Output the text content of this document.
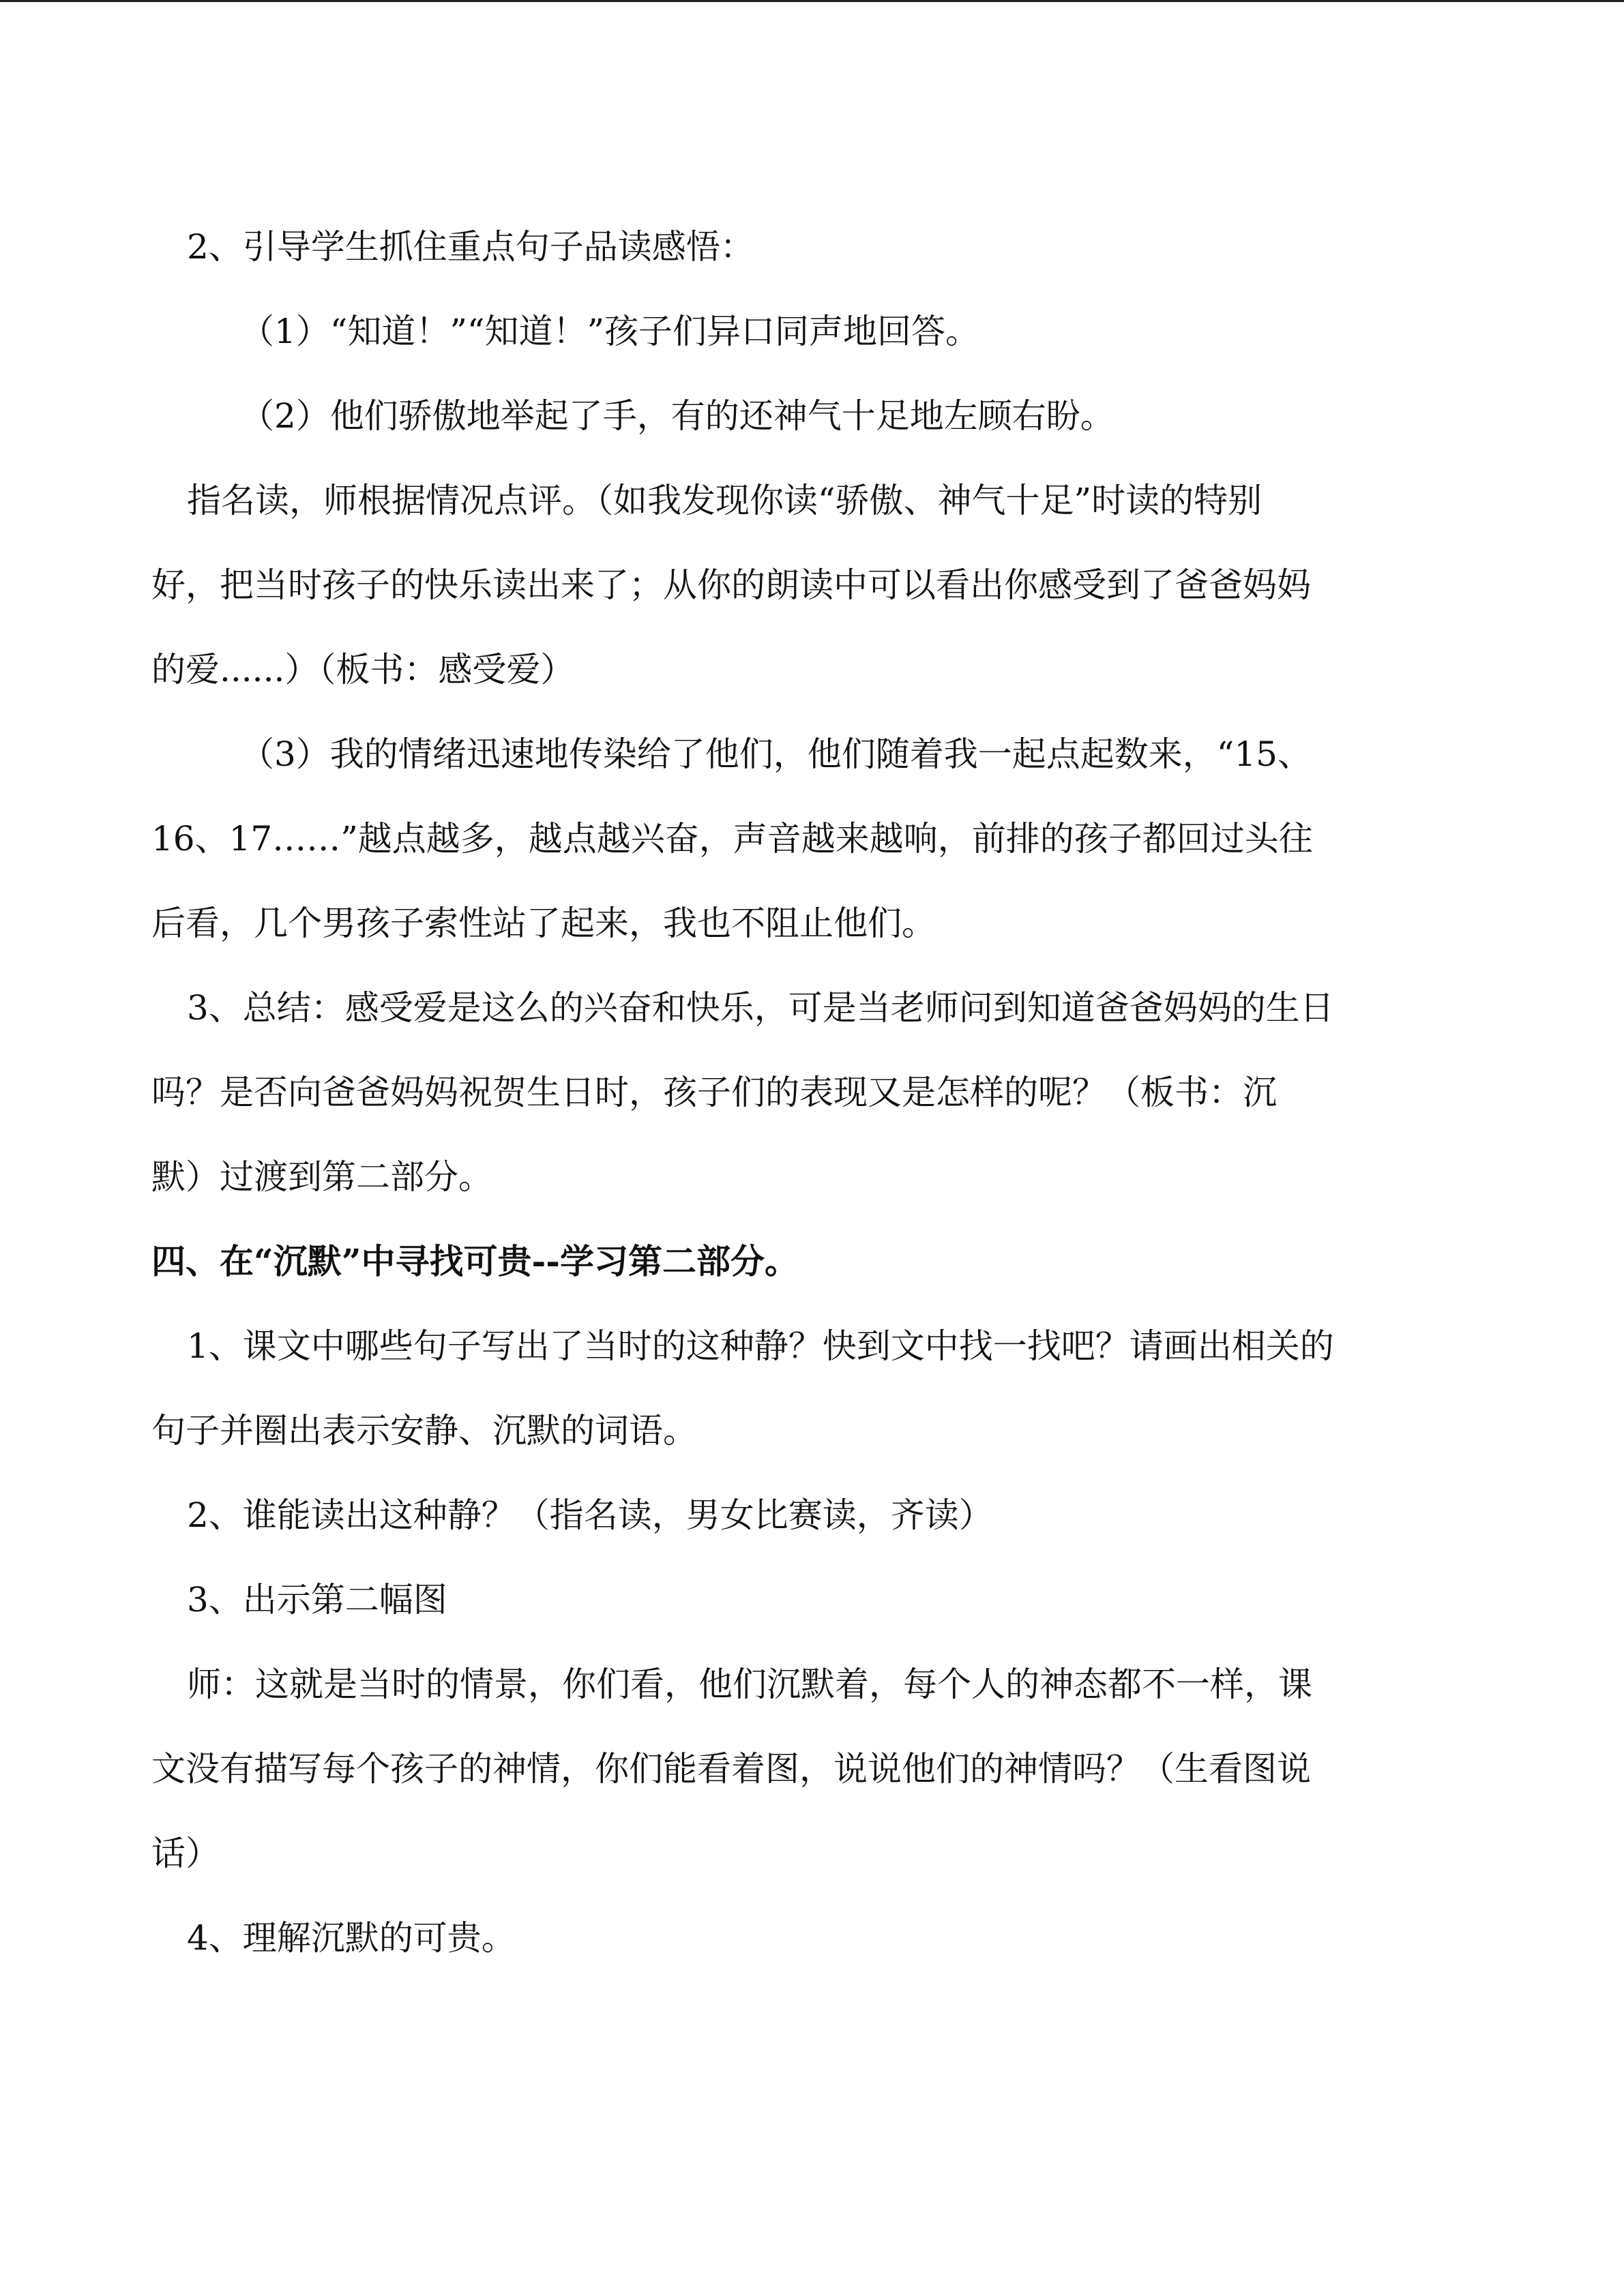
2、引导学生抓住重点句子品读感悟：
（1）“知道！”“知道！”孩子们异口同声地回答。
（2）他们骄傲地举起了手，有的还神气十足地左顾右盼。
指名读，师根据情况点评。（如我发现你读“骄傲、神气十足”时读的特别
好，把当时孩子的快乐读出来了；从你的朗读中可以看出你感受到了爸爸妈妈
的爱......）（板书：感受爱）
（3）我的情绪迅速地传染给了他们，他们随着我一起点起数来，“15、
16、17……”越点越多，越点越兴奋，声音越来越响，前排的孩子都回过头往
后看，几个男孩子索性站了起来，我也不阻止他们。
3、总结：感受爱是这么的兴奋和快乐，可是当老师问到知道爸爸妈妈的生日
吗？是否向爸爸妈妈祝贺生日时，孩子们的表现又是怎样的呢？（板书：沉
默）过渡到第二部分。
四、在“沉默”中寻找可贵--学习第二部分。
1、课文中哪些句子写出了当时的这种静？快到文中找一找吧？请画出相关的
句子并圈出表示安静、沉默的词语。
2、谁能读出这种静？（指名读，男女比赛读，齐读）
3、出示第二幅图
师：这就是当时的情景，你们看，他们沉默着，每个人的神态都不一样，课
文没有描写每个孩子的神情，你们能看着图，说说他们的神情吗？（生看图说
话）
4、理解沉默的可贵。
